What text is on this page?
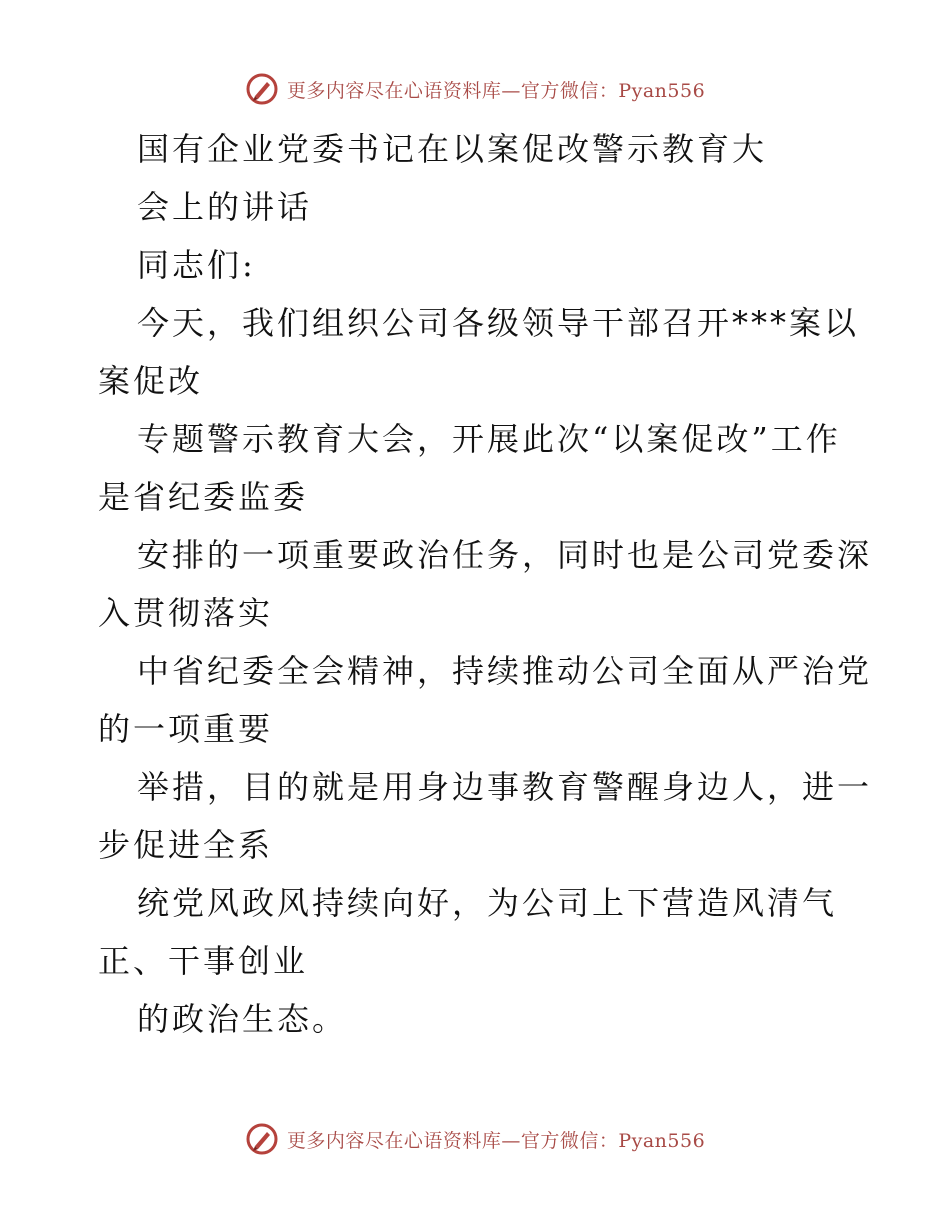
更多内容尽在心语资料库—官方微信：Pyan556
国有企业党委书记在以案促改警示教育大
会上的讲话
同志们:
今天，我们组织公司各级领导干部召开***案以
案促改
专题警示教育大会，开展此次“以案促改”工作
是省纪委监委
安排的一项重要政治任务，同时也是公司党委深
入贯彻落实
中省纪委全会精神，持续推动公司全面从严治党
的一项重要
举措，目的就是用身边事教育警醒身边人，进一
步促进全系
统党风政风持续向好，为公司上下营造风清气
正、干事创业
的政治生态。
更多内容尽在心语资料库—官方微信：Pyan556
